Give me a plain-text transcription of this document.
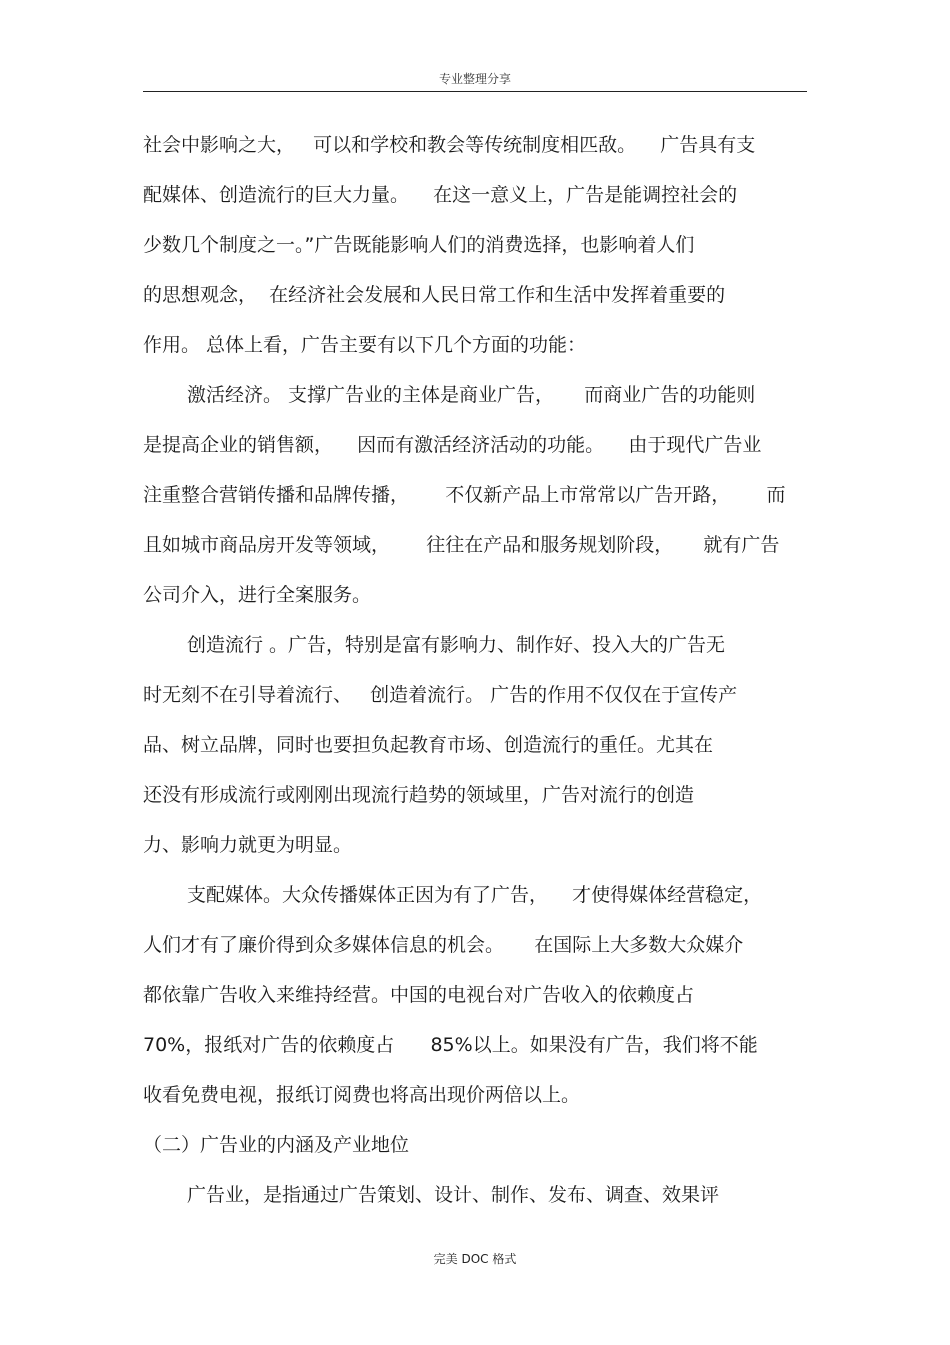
专业整理分享
社会中影响之大，   可以和学校和教会等传统制度相匹敌。    广告具有支
配媒体、创造流行的巨大力量。    在这一意义上，广告是能调控社会的
少数几个制度之一。”广告既能影响人们的消费选择，也影响着人们
的思想观念，  在经济社会发展和人民日常工作和生活中发挥着重要的
作用。 总体上看，广告主要有以下几个方面的功能：
激活经济。 支撑广告业的主体是商业广告，     而商业广告的功能则
是提高企业的销售额，    因而有激活经济活动的功能。    由于现代广告业
注重整合营销传播和品牌传播，      不仅新产品上市常常以广告开路，      而
且如城市商品房开发等领域，      往往在产品和服务规划阶段，     就有广告
公司介入，进行全案服务。
创造流行 。广告，特别是富有影响力、制作好、投入大的广告无
时无刻不在引导着流行、   创造着流行。 广告的作用不仅仅在于宣传产
品、树立品牌，同时也要担负起教育市场、创造流行的重任。尤其在
还没有形成流行或刚刚出现流行趋势的领域里，广告对流行的创造
力、影响力就更为明显。
支配媒体。大众传播媒体正因为有了广告，    才使得媒体经营稳定，
人们才有了廉价得到众多媒体信息的机会。     在国际上大多数大众媒介
都依靠广告收入来维持经营。中国的电视台对广告收入的依赖度占
70%，报纸对广告的依赖度占      85%以上。如果没有广告，我们将不能
收看免费电视，报纸订阅费也将高出现价两倍以上。
（二）广告业的内涵及产业地位
广告业，是指通过广告策划、设计、制作、发布、调查、效果评
完美 DOC 格式
